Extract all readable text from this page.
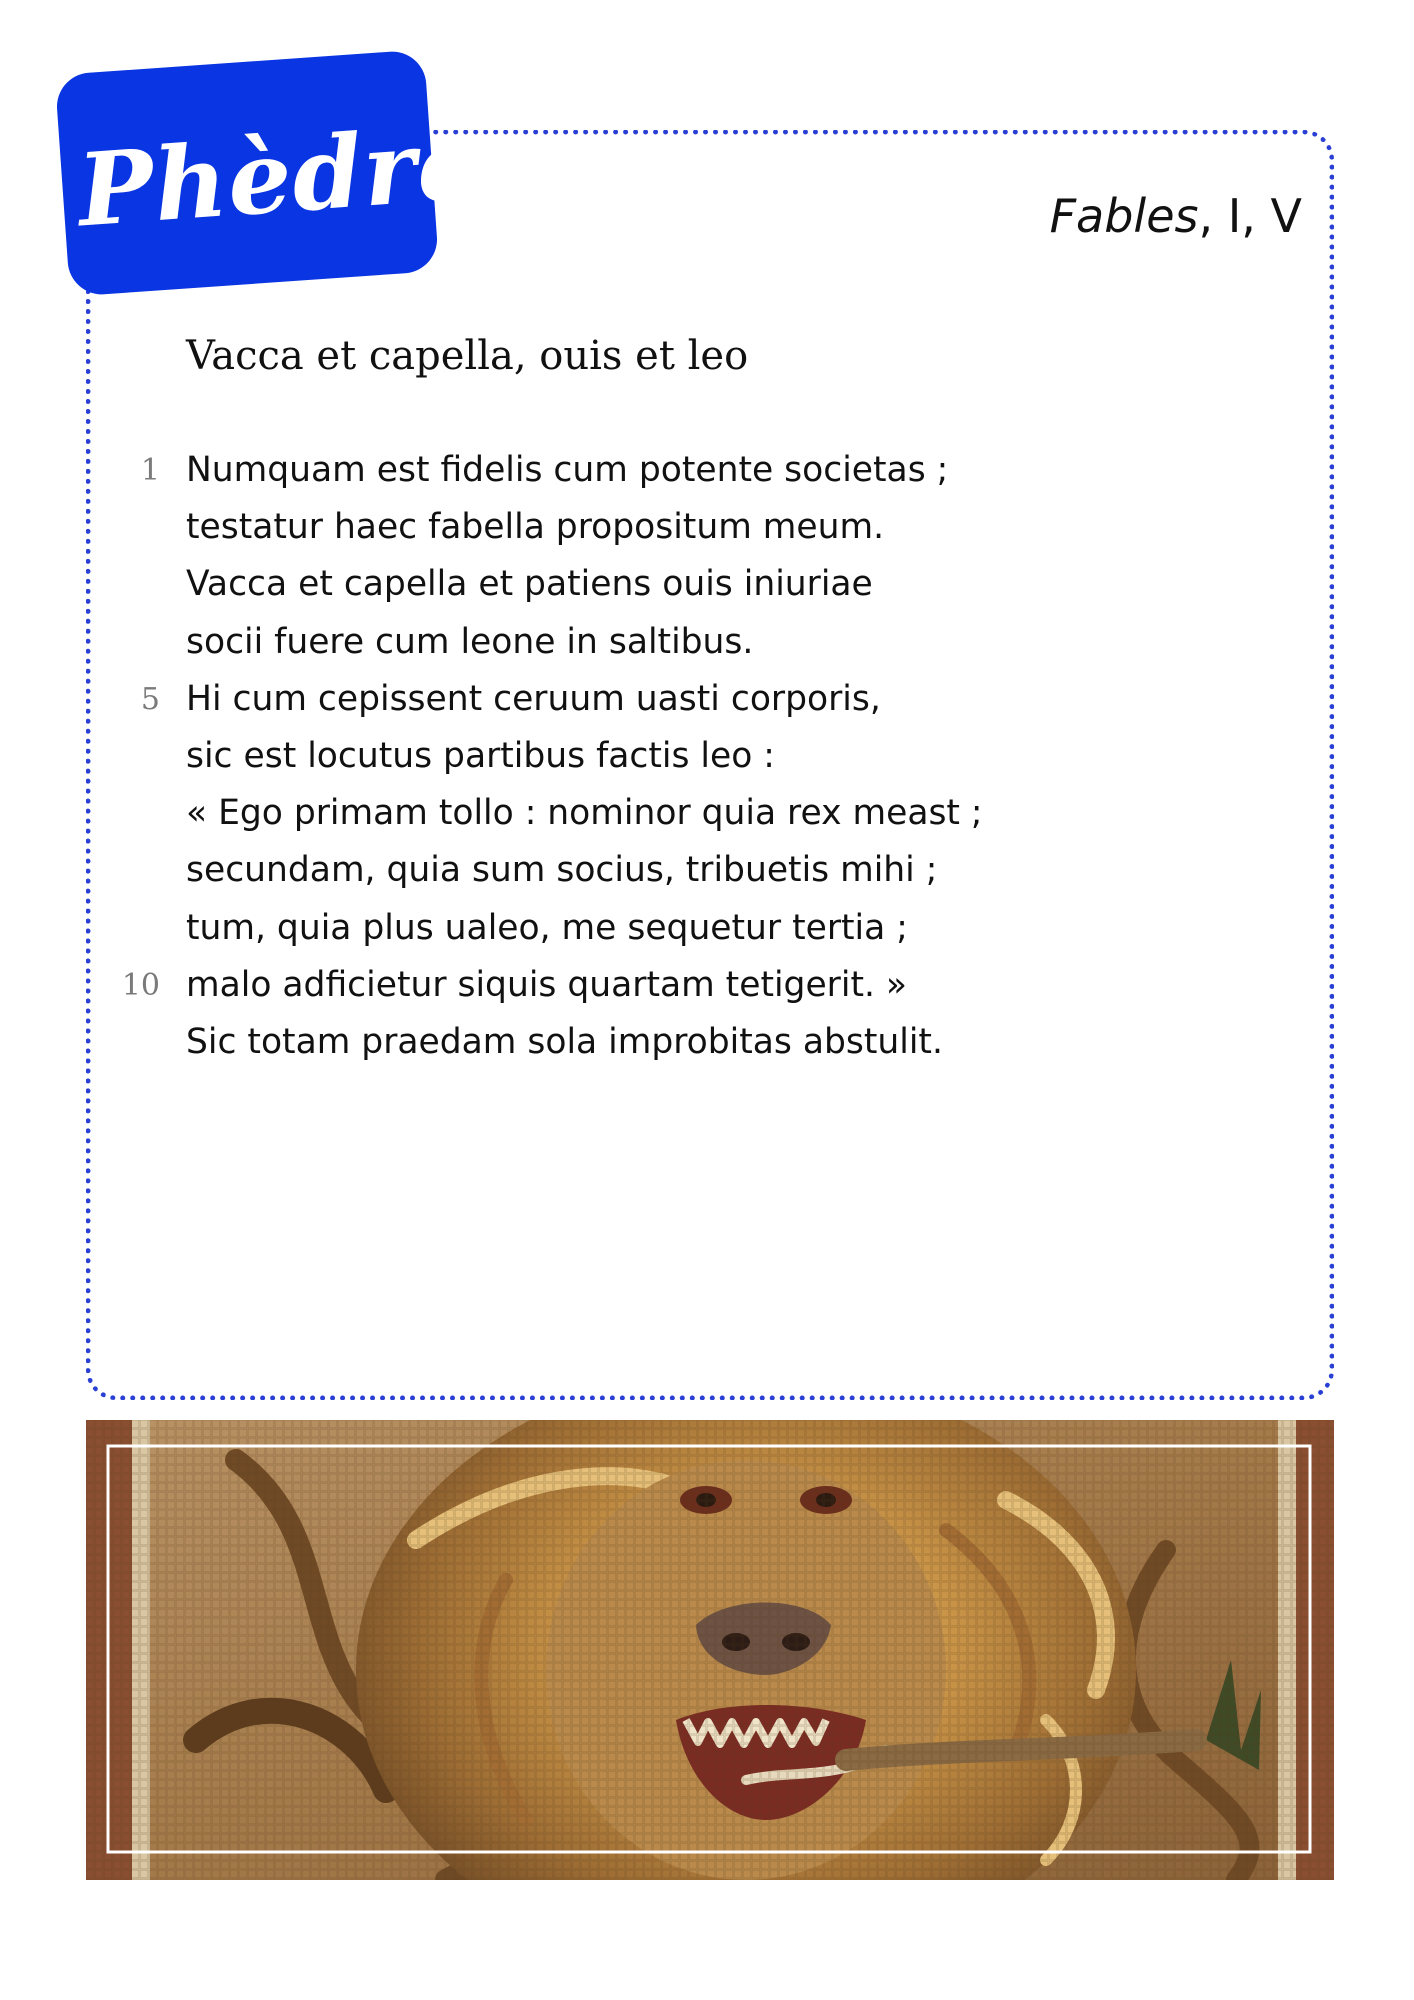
Phèdre	Fables, I, V
Vacca et capella, ouis et leo
1 Numquam est fidelis cum potente societas ;
testatur haec fabella propositum meum.
Vacca et capella et patiens ouis iniuriae
socii fuere cum leone in saltibus.
5 Hi cum cepissent ceruum uasti corporis,
sic est locutus partibus factis leo :
« Ego primam tollo : nominor quia rex meast ;
secundam, quia sum socius, tribuetis mihi ;
tum, quia plus ualeo, me sequetur tertia ;
10 malo adficietur siquis quartam tetigerit. »
Sic totam praedam sola improbitas abstulit.
